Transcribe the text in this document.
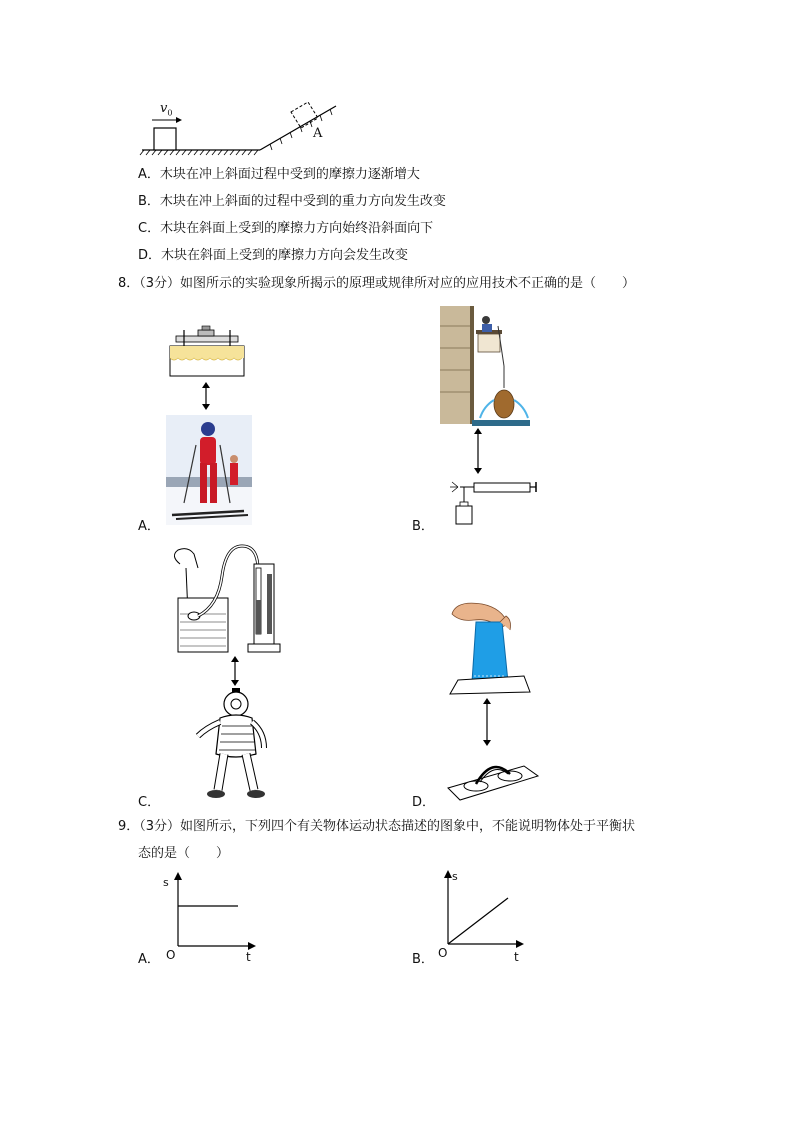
$v_0$
A
A．木块在冲上斜面过程中受到的摩擦力逐渐增大
B．木块在冲上斜面的过程中受到的重力方向发生改变
C．木块在斜面上受到的摩擦力方向始终沿斜面向下
D．木块在斜面上受到的摩擦力方向会发生改变
8．（3分）如图所示的实验现象所揭示的原理或规律所对应的应用技术不正确的是（　　）
A．	B．
C．	D．
9．（3分）如图所示，下列四个有关物体运动状态描述的图象中，不能说明物体处于平衡状
态的是（　　）
s
O	t
A．
s
O	t
B．
